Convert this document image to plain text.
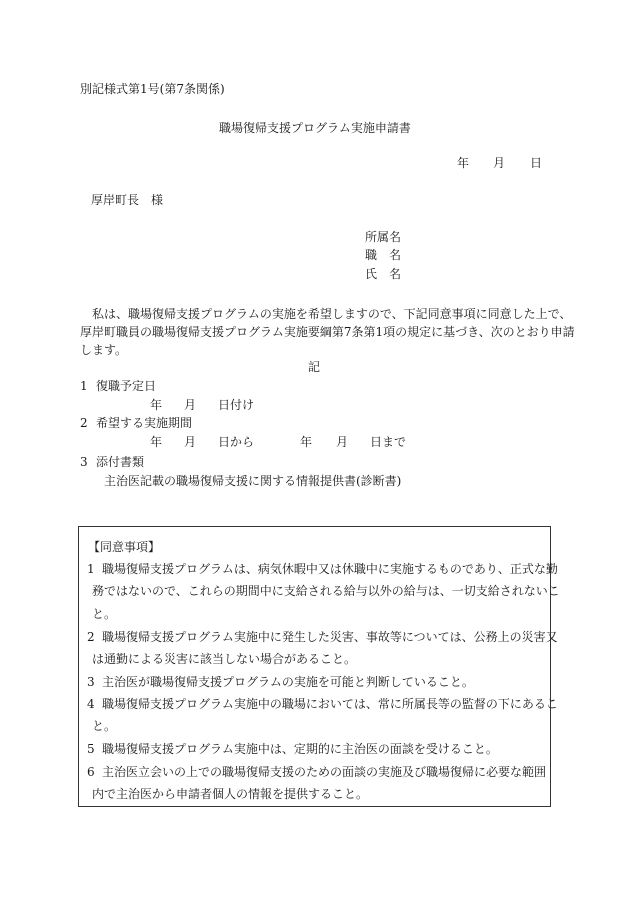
別記様式第1号(第7条関係)
職場復帰支援プログラム実施申請書
年 月 日
厚岸町長　様
所属名
職　名
氏　名
私は、職場復帰支援プログラムの実施を希望しますので、下記同意事項に同意した上で、
厚岸町職員の職場復帰支援プログラム実施要綱第7条第1項の規定に基づき、次のとおり申請
します。
記
1 復職予定日
年 月 日付け
2 希望する実施期間
年 月 日から	年 月 日まで
3 添付書類
主治医記載の職場復帰支援に関する情報提供書(診断書)
【同意事項】
1 職場復帰支援プログラムは、病気休暇中又は休職中に実施するものであり、正式な勤
務ではないので、これらの期間中に支給される給与以外の給与は、一切支給されないこ
と。
2 職場復帰支援プログラム実施中に発生した災害、事故等については、公務上の災害又
は通勤による災害に該当しない場合があること。
3 主治医が職場復帰支援プログラムの実施を可能と判断していること。
4 職場復帰支援プログラム実施中の職場においては、常に所属長等の監督の下にあるこ
と。
5 職場復帰支援プログラム実施中は、定期的に主治医の面談を受けること。
6 主治医立会いの上での職場復帰支援のための面談の実施及び職場復帰に必要な範囲
内で主治医から申請者個人の情報を提供すること。
